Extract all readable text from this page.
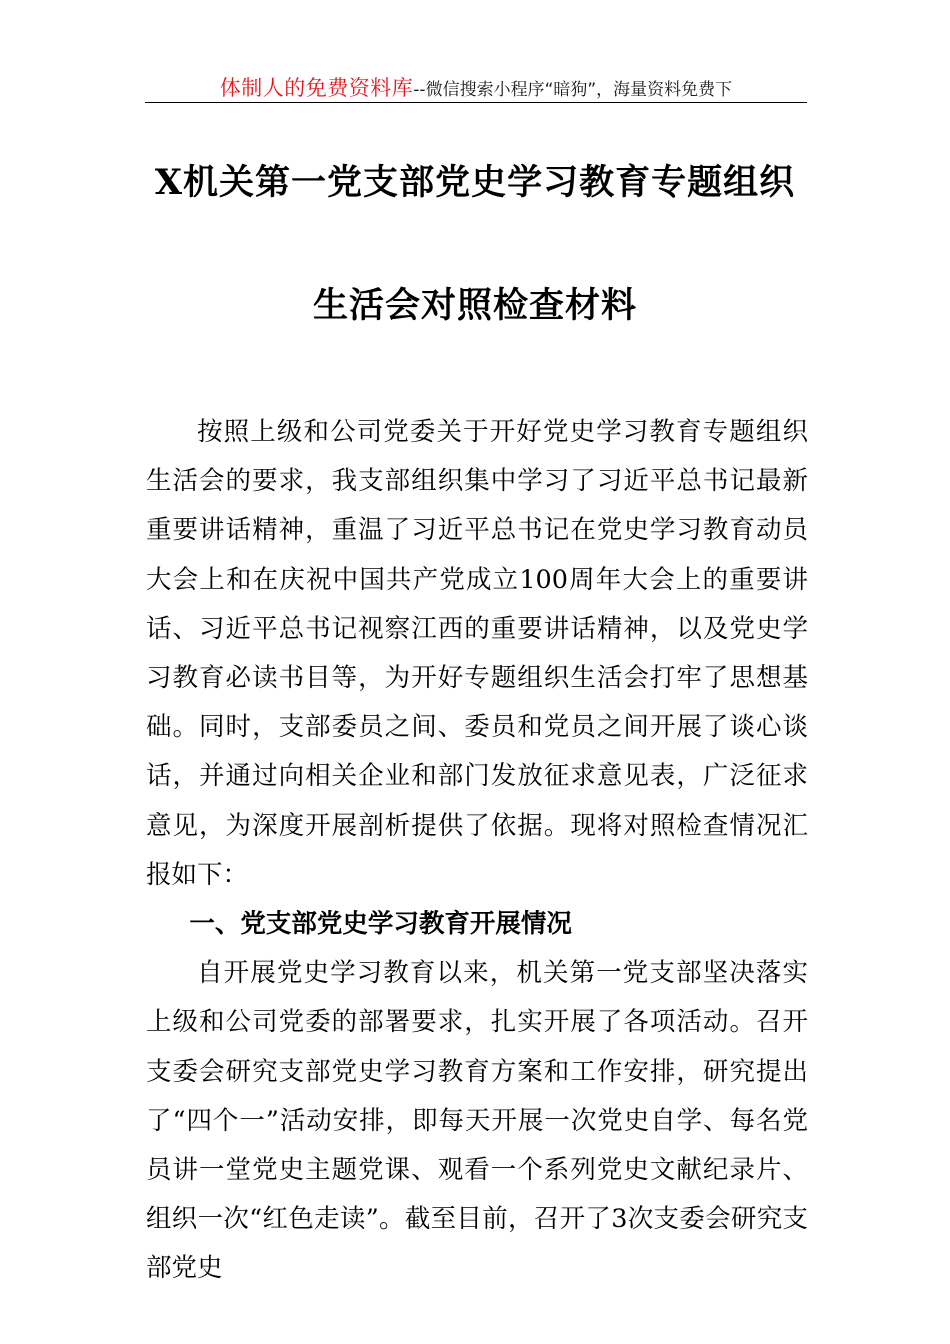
体制人的免费资料库--微信搜索小程序“暗狗”，海量资料免费下
X机关第一党支部党史学习教育专题组织
生活会对照检查材料

按照上级和公司党委关于开好党史学习教育专题组织生活会的要求，我支部组织集中学习了习近平总书记最新重要讲话精神，重温了习近平总书记在党史学习教育动员大会上和在庆祝中国共产党成立100周年大会上的重要讲话、习近平总书记视察江西的重要讲话精神，以及党史学习教育必读书目等，为开好专题组织生活会打牢了思想基础。同时，支部委员之间、委员和党员之间开展了谈心谈话，并通过向相关企业和部门发放征求意见表，广泛征求意见，为深度开展剖析提供了依据。现将对照检查情况汇报如下：

一、党支部党史学习教育开展情况

自开展党史学习教育以来，机关第一党支部坚决落实上级和公司党委的部署要求，扎实开展了各项活动。召开支委会研究支部党史学习教育方案和工作安排，研究提出了“四个一”活动安排，即每天开展一次党史自学、每名党员讲一堂党史主题党课、观看一个系列党史文献纪录片、组织一次“红色走读”。截至目前，召开了3次支委会研究支部党史
